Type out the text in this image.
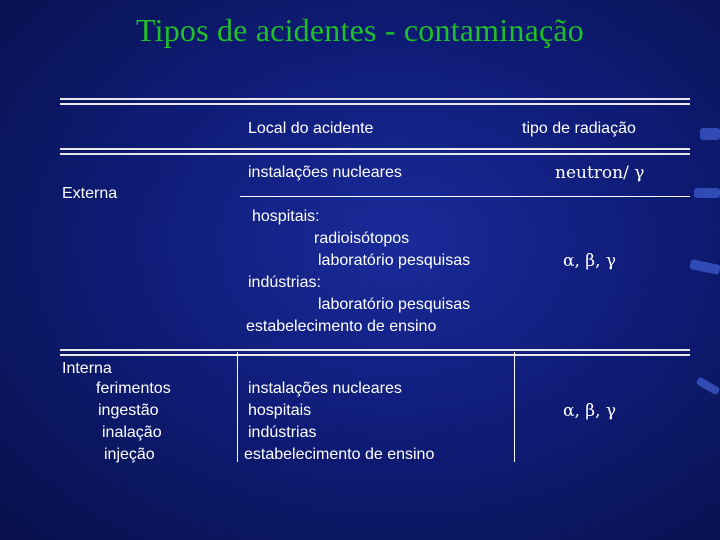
Tipos de acidentes - contaminação
Local do acidente	tipo de radiação
instalações nucleares	neutron/ γ
Externa
hospitais:
radioisótopos
laboratório pesquisas
indústrias:
laboratório pesquisas
estabelecimento de ensino
α, β, γ
Interna
ferimentos
ingestão
inalação
injeção
instalações nucleares
hospitais
indústrias
estabelecimento de ensino
α, β, γ
